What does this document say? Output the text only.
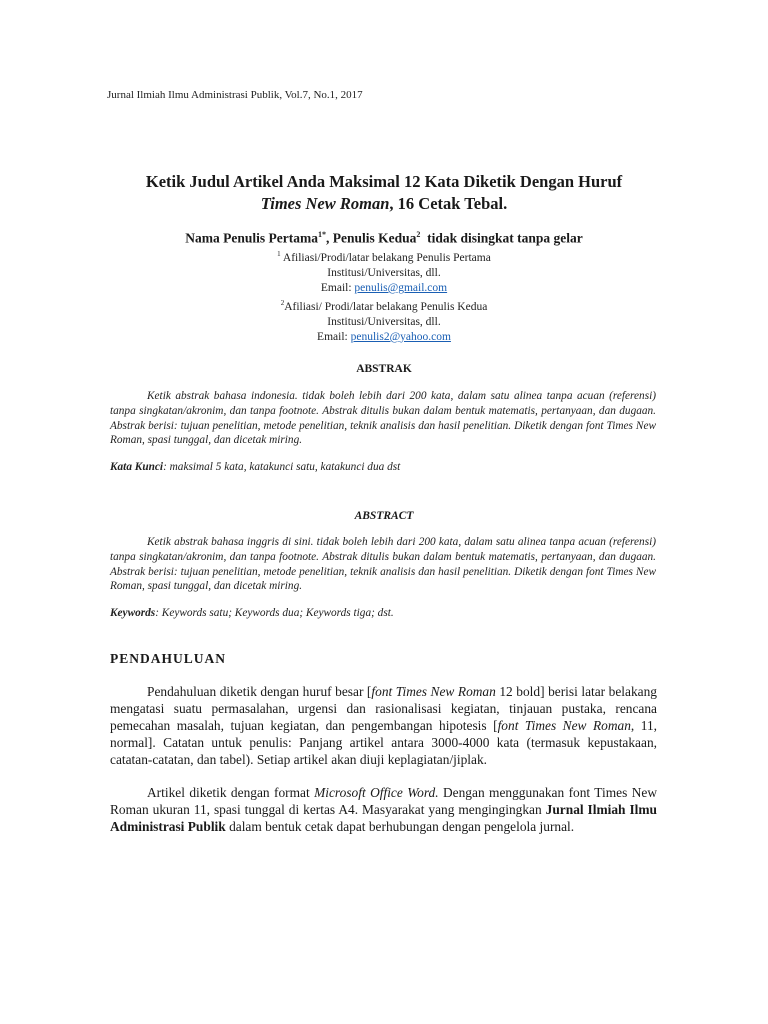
Jurnal Ilmiah Ilmu Administrasi Publik, Vol.7, No.1, 2017
Ketik Judul Artikel Anda Maksimal 12 Kata Diketik Dengan Huruf
Times New Roman, 16 Cetak Tebal.
Nama Penulis Pertama$^{1*}$, Penulis Kedua$^2$ tidak disingkat tanpa gelar
$^1$ Afiliasi/Prodi/latar belakang Penulis Pertama
Institusi/Universitas, dll.
Email: penulis@gmail.com
$^2$Afiliasi/ Prodi/latar belakang Penulis Kedua
Institusi/Universitas, dll.
Email: penulis2@yahoo.com
ABSTRAK
Ketik abstrak bahasa indonesia. tidak boleh lebih dari 200 kata, dalam satu alinea tanpa acuan (referensi) tanpa singkatan/akronim, dan tanpa footnote. Abstrak ditulis bukan dalam bentuk matematis, pertanyaan, dan dugaan. Abstrak berisi: tujuan penelitian, metode penelitian, teknik analisis dan hasil penelitian. Diketik dengan font Times New Roman, spasi tunggal, dan dicetak miring.
Kata Kunci: maksimal 5 kata, katakunci satu, katakunci dua dst
ABSTRACT
Ketik abstrak bahasa inggris di sini. tidak boleh lebih dari 200 kata, dalam satu alinea tanpa acuan (referensi) tanpa singkatan/akronim, dan tanpa footnote. Abstrak ditulis bukan dalam bentuk matematis, pertanyaan, dan dugaan. Abstrak berisi: tujuan penelitian, metode penelitian, teknik analisis dan hasil penelitian. Diketik dengan font Times New Roman, spasi tunggal, dan dicetak miring.
Keywords: Keywords satu; Keywords dua; Keywords tiga; dst.
PENDAHULUAN
Pendahuluan diketik dengan huruf besar [font Times New Roman 12 bold] berisi latar belakang mengatasi suatu permasalahan, urgensi dan rasionalisasi kegiatan, tinjauan pustaka, rencana pemecahan masalah, tujuan kegiatan, dan pengembangan hipotesis [font Times New Roman, 11, normal]. Catatan untuk penulis: Panjang artikel antara 3000-4000 kata (termasuk kepustakaan, catatan-catatan, dan tabel). Setiap artikel akan diuji keplagiatan/jiplak.
Artikel diketik dengan format Microsoft Office Word. Dengan menggunakan font Times New Roman ukuran 11, spasi tunggal di kertas A4. Masyarakat yang mengingingkan Jurnal Ilmiah Ilmu Administrasi Publik dalam bentuk cetak dapat berhubungan dengan pengelola jurnal.
